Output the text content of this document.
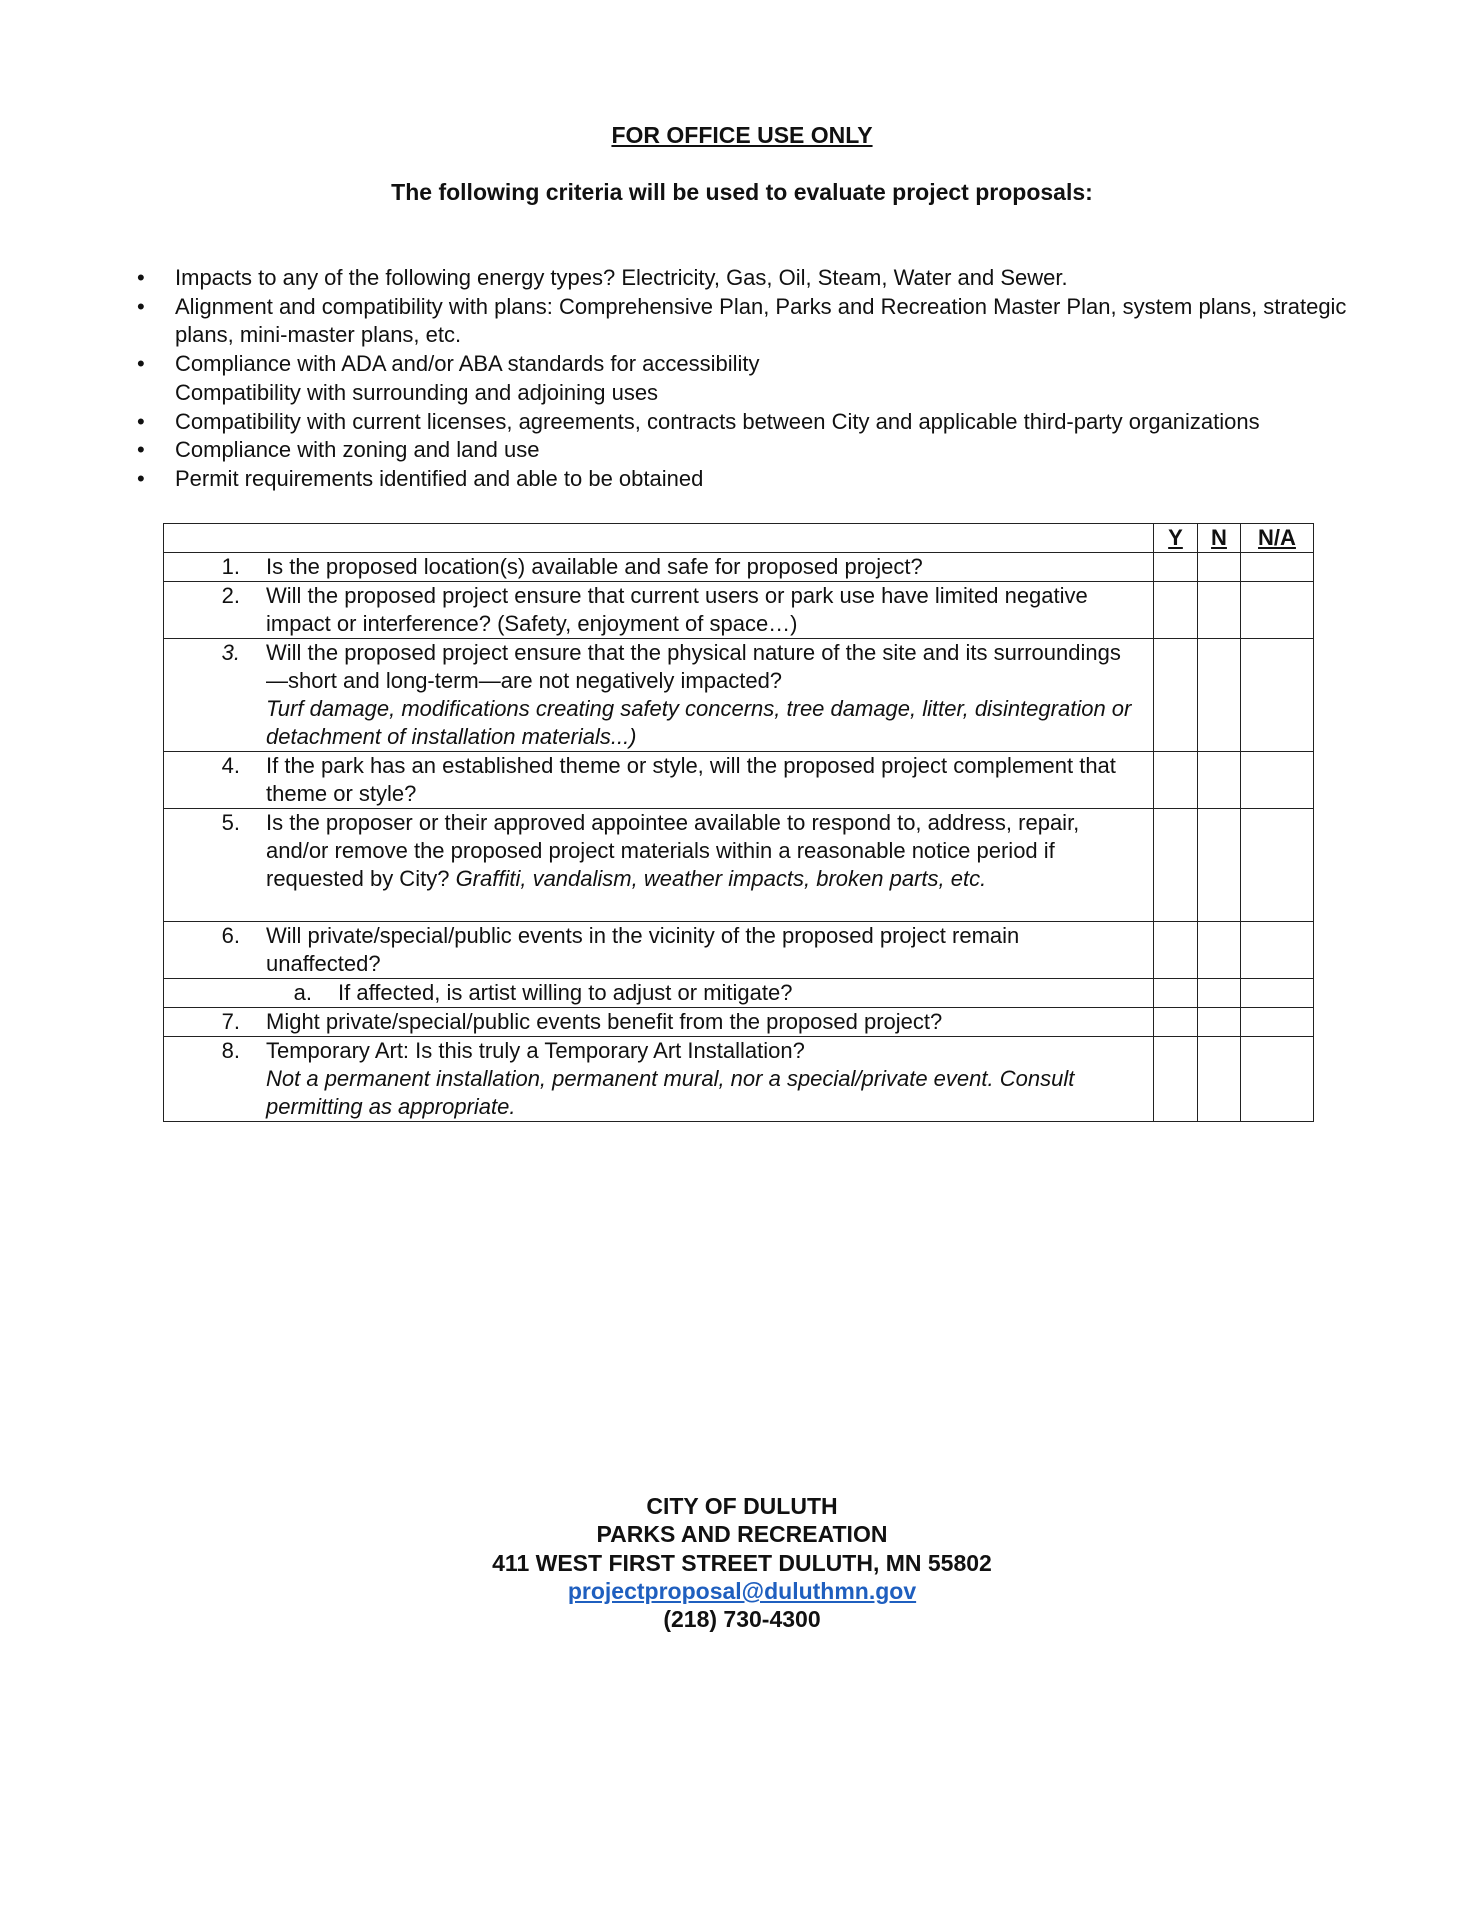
FOR OFFICE USE ONLY
The following criteria will be used to evaluate project proposals:
• Impacts to any of the following energy types? Electricity, Gas, Oil, Steam, Water and Sewer.
• Alignment and compatibility with plans: Comprehensive Plan, Parks and Recreation Master Plan, system plans, strategic plans, mini-master plans, etc.
• Compliance with ADA and/or ABA standards for accessibility
Compatibility with surrounding and adjoining uses
• Compatibility with current licenses, agreements, contracts between City and applicable third-party organizations
• Compliance with zoning and land use
• Permit requirements identified and able to be obtained
	Y	N	N/A

1. Is the proposed location(s) available and safe for proposed project?			

2. Will the proposed project ensure that current users or park use have limited negative impact or interference? (Safety, enjoyment of space…)			

3. Will the proposed project ensure that the physical nature of the site and its surroundings—short and long-term—are not negatively impacted?
Turf damage, modifications creating safety concerns, tree damage, litter, disintegration or detachment of installation materials...)			

4. If the park has an established theme or style, will the proposed project complement that theme or style?			

5. Is the proposer or their approved appointee available to respond to, address, repair, and/or remove the proposed project materials within a reasonable notice period if requested by City? Graffiti, vandalism, weather impacts, broken parts, etc.			

6. Will private/special/public events in the vicinity of the proposed project remain unaffected?			

a. If affected, is artist willing to adjust or mitigate?			

7. Might private/special/public events benefit from the proposed project?			

8. Temporary Art: Is this truly a Temporary Art Installation?
Not a permanent installation, permanent mural, nor a special/private event. Consult permitting as appropriate.			

CITY OF DULUTH
PARKS AND RECREATION
411 WEST FIRST STREET DULUTH, MN 55802
projectproposal@duluthmn.gov
(218) 730-4300
